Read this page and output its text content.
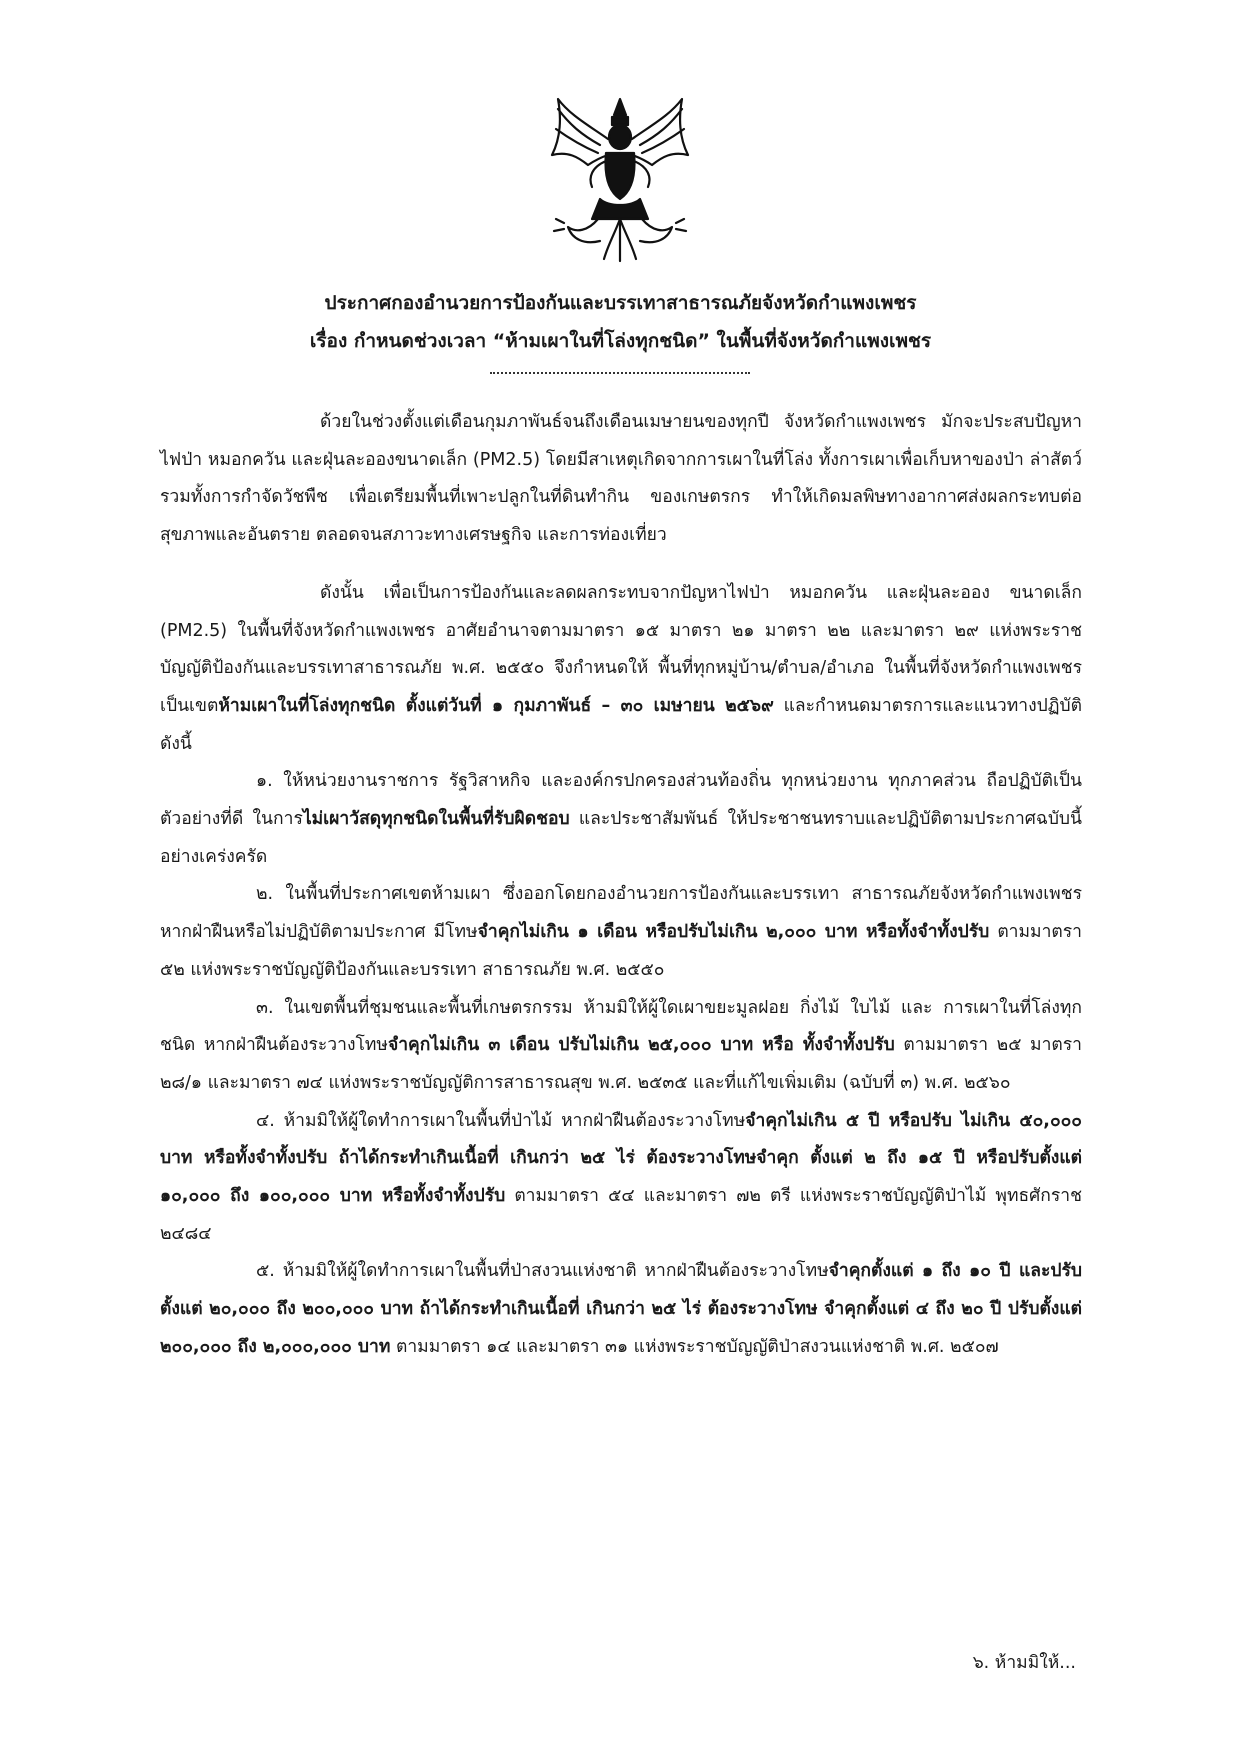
ประกาศกองอำนวยการป้องกันและบรรเทาสาธารณภัยจังหวัดกำแพงเพชร
เรื่อง กำหนดช่วงเวลา “ห้ามเผาในที่โล่งทุกชนิด” ในพื้นที่จังหวัดกำแพงเพชร

ด้วยในช่วงตั้งแต่เดือนกุมภาพันธ์จนถึงเดือนเมษายนของทุกปี จังหวัดกำแพงเพชร มักจะประสบปัญหาไฟป่า หมอกควัน และฝุ่นละอองขนาดเล็ก (PM2.5) โดยมีสาเหตุเกิดจากการเผาในที่โล่ง ทั้งการเผาเพื่อเก็บหาของป่า ล่าสัตว์ รวมทั้งการกำจัดวัชพืช เพื่อเตรียมพื้นที่เพาะปลูกในที่ดินทำกิน ของเกษตรกร ทำให้เกิดมลพิษทางอากาศส่งผลกระทบต่อสุขภาพและอันตราย ตลอดจนสภาวะทางเศรษฐกิจ และการท่องเที่ยว

ดังนั้น เพื่อเป็นการป้องกันและลดผลกระทบจากปัญหาไฟป่า หมอกควัน และฝุ่นละออง ขนาดเล็ก (PM2.5) ในพื้นที่จังหวัดกำแพงเพชร อาศัยอำนาจตามมาตรา ๑๕ มาตรา ๒๑ มาตรา ๒๒ และมาตรา ๒๙ แห่งพระราชบัญญัติป้องกันและบรรเทาสาธารณภัย พ.ศ. ๒๕๕๐ จึงกำหนดให้ พื้นที่ทุกหมู่บ้าน/ตำบล/อำเภอ ในพื้นที่จังหวัดกำแพงเพชร เป็นเขตห้ามเผาในที่โล่งทุกชนิด ตั้งแต่วันที่ ๑ กุมภาพันธ์ – ๓๐ เมษายน ๒๕๖๙ และกำหนดมาตรการและแนวทางปฏิบัติ ดังนี้

๑. ให้หน่วยงานราชการ รัฐวิสาหกิจ และองค์กรปกครองส่วนท้องถิ่น ทุกหน่วยงาน ทุกภาคส่วน ถือปฏิบัติเป็นตัวอย่างที่ดี ในการไม่เผาวัสดุทุกชนิดในพื้นที่รับผิดชอบ และประชาสัมพันธ์ ให้ประชาชนทราบและปฏิบัติตามประกาศฉบับนี้อย่างเคร่งครัด

๒. ในพื้นที่ประกาศเขตห้ามเผา ซึ่งออกโดยกองอำนวยการป้องกันและบรรเทา สาธารณภัยจังหวัดกำแพงเพชร หากฝ่าฝืนหรือไม่ปฏิบัติตามประกาศ มีโทษจำคุกไม่เกิน ๑ เดือน หรือปรับไม่เกิน ๒,๐๐๐ บาท หรือทั้งจำทั้งปรับ ตามมาตรา ๕๒ แห่งพระราชบัญญัติป้องกันและบรรเทา สาธารณภัย พ.ศ. ๒๕๕๐

๓. ในเขตพื้นที่ชุมชนและพื้นที่เกษตรกรรม ห้ามมิให้ผู้ใดเผาขยะมูลฝอย กิ่งไม้ ใบไม้ และ การเผาในที่โล่งทุกชนิด หากฝ่าฝืนต้องระวางโทษจำคุกไม่เกิน ๓ เดือน ปรับไม่เกิน ๒๕,๐๐๐ บาท หรือ ทั้งจำทั้งปรับ ตามมาตรา ๒๕ มาตรา ๒๘/๑ และมาตรา ๗๔ แห่งพระราชบัญญัติการสาธารณสุข พ.ศ. ๒๕๓๕ และที่แก้ไขเพิ่มเติม (ฉบับที่ ๓) พ.ศ. ๒๕๖๐

๔. ห้ามมิให้ผู้ใดทำการเผาในพื้นที่ป่าไม้ หากฝ่าฝืนต้องระวางโทษจำคุกไม่เกิน ๕ ปี หรือปรับ ไม่เกิน ๕๐,๐๐๐ บาท หรือทั้งจำทั้งปรับ ถ้าได้กระทำเกินเนื้อที่ เกินกว่า ๒๕ ไร่ ต้องระวางโทษจำคุก ตั้งแต่ ๒ ถึง ๑๕ ปี หรือปรับตั้งแต่ ๑๐,๐๐๐ ถึง ๑๐๐,๐๐๐ บาท หรือทั้งจำทั้งปรับ ตามมาตรา ๕๔ และมาตรา ๗๒ ตรี แห่งพระราชบัญญัติป่าไม้ พุทธศักราช ๒๔๘๔

๕. ห้ามมิให้ผู้ใดทำการเผาในพื้นที่ป่าสงวนแห่งชาติ หากฝ่าฝืนต้องระวางโทษจำคุกตั้งแต่ ๑ ถึง ๑๐ ปี และปรับตั้งแต่ ๒๐,๐๐๐ ถึง ๒๐๐,๐๐๐ บาท ถ้าได้กระทำเกินเนื้อที่ เกินกว่า ๒๕ ไร่ ต้องระวางโทษ จำคุกตั้งแต่ ๔ ถึง ๒๐ ปี ปรับตั้งแต่ ๒๐๐,๐๐๐ ถึง ๒,๐๐๐,๐๐๐ บาท ตามมาตรา ๑๔ และมาตรา ๓๑ แห่งพระราชบัญญัติป่าสงวนแห่งชาติ พ.ศ. ๒๕๐๗

๖. ห้ามมิให้...
